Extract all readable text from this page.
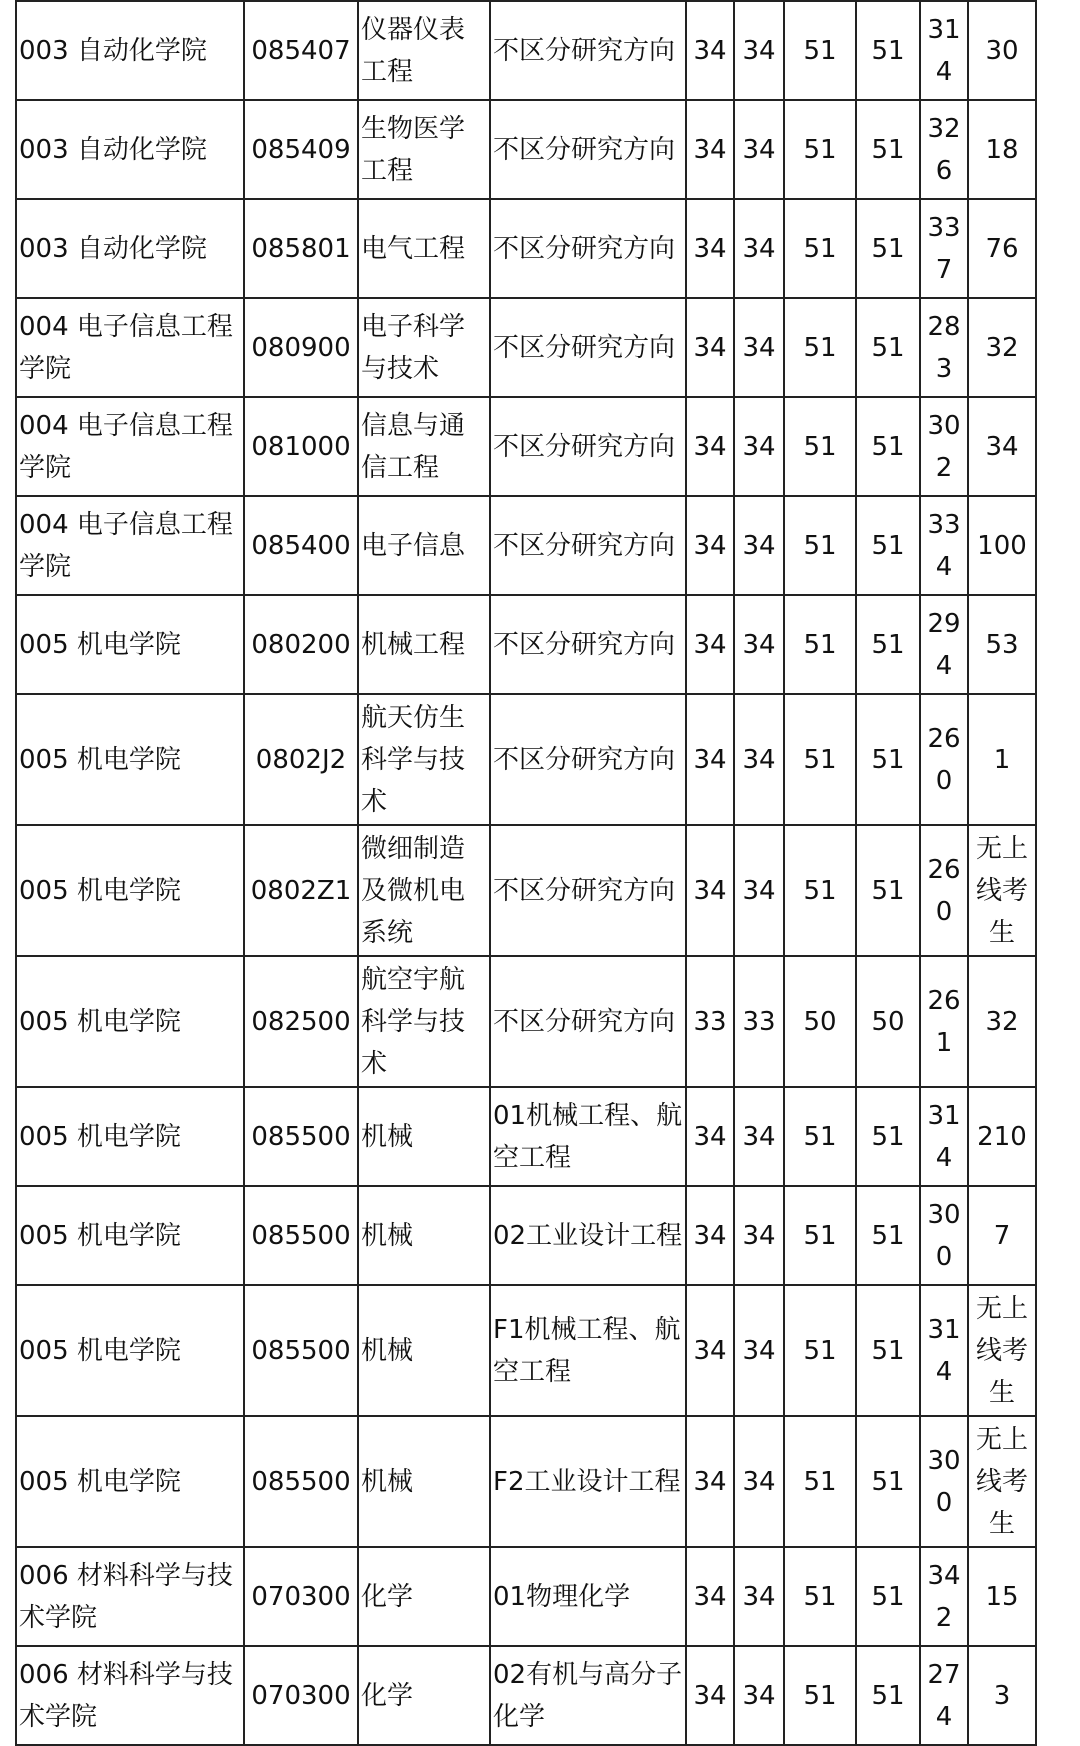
003 自动化学院	085407	仪器仪表工程	不区分研究方向	34	34	51	51	314	30
003 自动化学院	085409	生物医学工程	不区分研究方向	34	34	51	51	326	18
003 自动化学院	085801	电气工程	不区分研究方向	34	34	51	51	337	76
004 电子信息工程学院	080900	电子科学与技术	不区分研究方向	34	34	51	51	283	32
004 电子信息工程学院	081000	信息与通信工程	不区分研究方向	34	34	51	51	302	34
004 电子信息工程学院	085400	电子信息	不区分研究方向	34	34	51	51	334	100
005 机电学院	080200	机械工程	不区分研究方向	34	34	51	51	294	53
005 机电学院	0802J2	航天仿生科学与技术	不区分研究方向	34	34	51	51	260	1
005 机电学院	0802Z1	微细制造及微机电系统	不区分研究方向	34	34	51	51	260	无上线考生
005 机电学院	082500	航空宇航科学与技术	不区分研究方向	33	33	50	50	261	32
005 机电学院	085500	机械	01机械工程、航空工程	34	34	51	51	314	210
005 机电学院	085500	机械	02工业设计工程	34	34	51	51	300	7
005 机电学院	085500	机械	F1机械工程、航空工程	34	34	51	51	314	无上线考生
005 机电学院	085500	机械	F2工业设计工程	34	34	51	51	300	无上线考生
006 材料科学与技术学院	070300	化学	01物理化学	34	34	51	51	342	15
006 材料科学与技术学院	070300	化学	02有机与高分子化学	34	34	51	51	274	3
